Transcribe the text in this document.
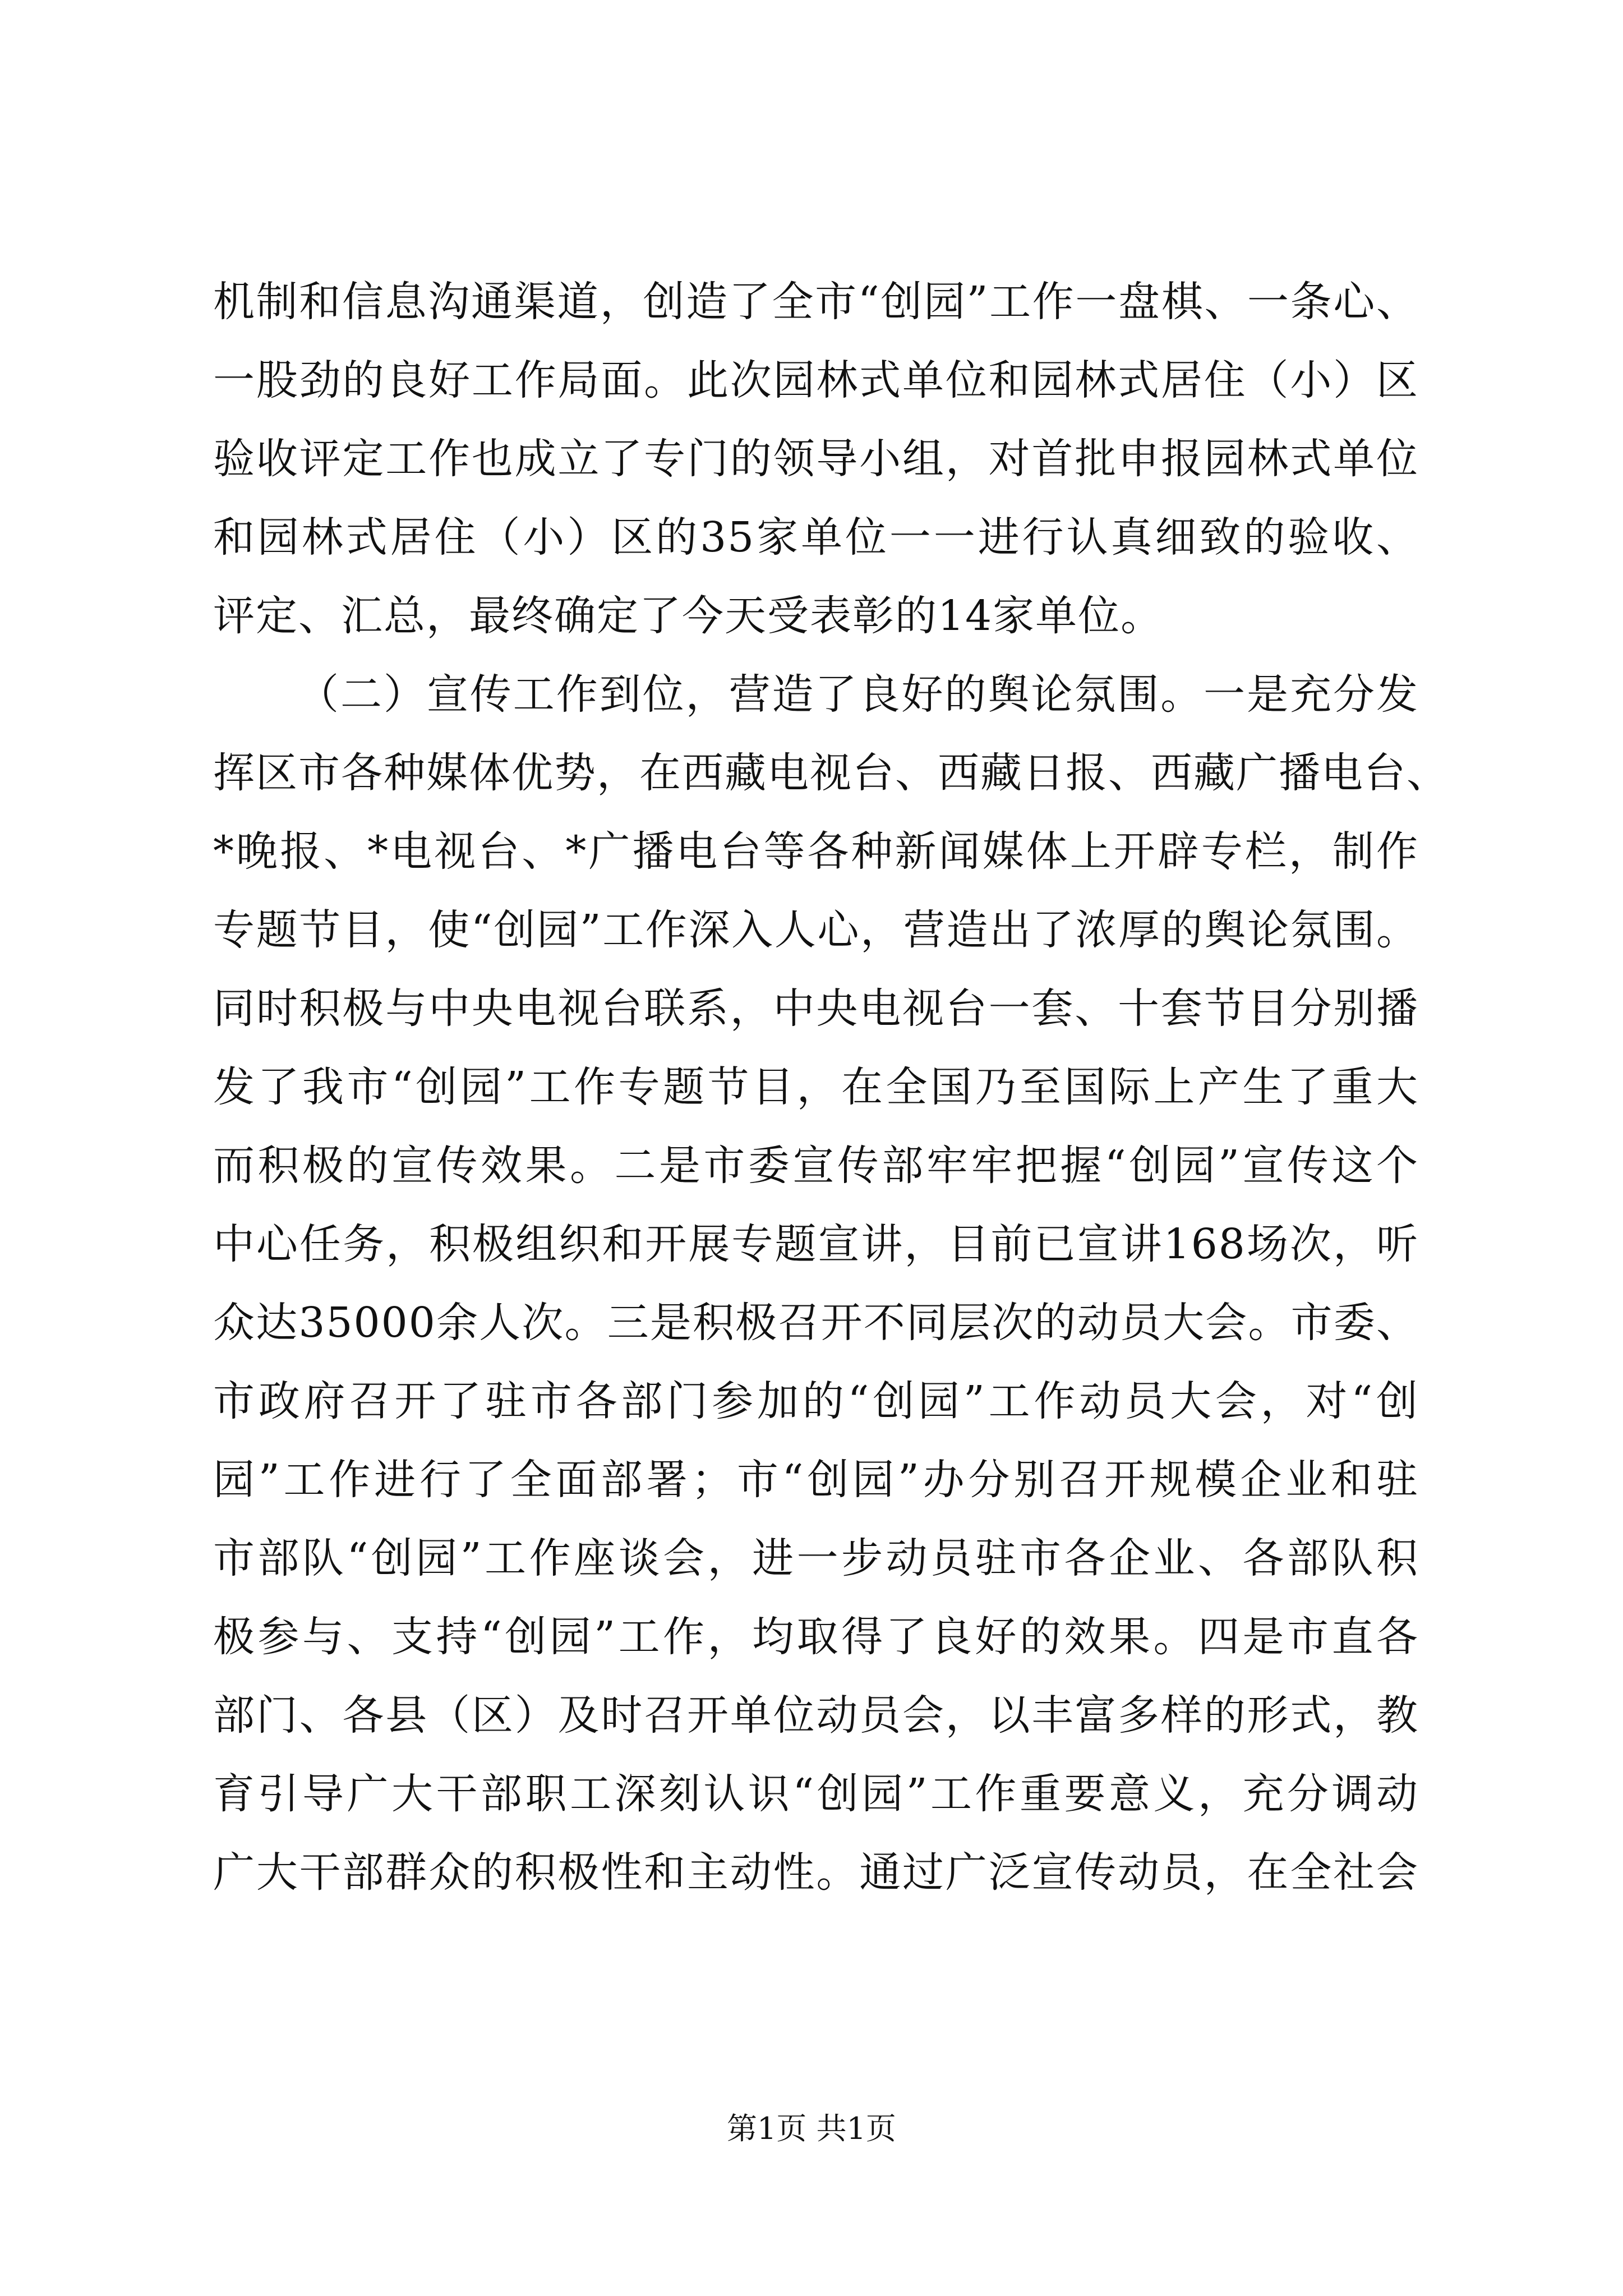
机制和信息沟通渠道，创造了全市“创园”工作一盘棋、一条心、
一股劲的良好工作局面。此次园林式单位和园林式居住（小）区
验收评定工作也成立了专门的领导小组，对首批申报园林式单位
和园林式居住（小）区的35家单位一一进行认真细致的验收、
评定、汇总，最终确定了今天受表彰的14家单位。
（二）宣传工作到位，营造了良好的舆论氛围。一是充分发
挥区市各种媒体优势，在西藏电视台、西藏日报、西藏广播电台、
*晚报、*电视台、*广播电台等各种新闻媒体上开辟专栏，制作
专题节目，使“创园”工作深入人心，营造出了浓厚的舆论氛围。
同时积极与中央电视台联系，中央电视台一套、十套节目分别播
发了我市“创园”工作专题节目，在全国乃至国际上产生了重大
而积极的宣传效果。二是市委宣传部牢牢把握“创园”宣传这个
中心任务，积极组织和开展专题宣讲，目前已宣讲168场次，听
众达35000余人次。三是积极召开不同层次的动员大会。市委、
市政府召开了驻市各部门参加的“创园”工作动员大会，对“创
园”工作进行了全面部署；市“创园”办分别召开规模企业和驻
市部队“创园”工作座谈会，进一步动员驻市各企业、各部队积
极参与、支持“创园”工作，均取得了良好的效果。四是市直各
部门、各县（区）及时召开单位动员会，以丰富多样的形式，教
育引导广大干部职工深刻认识“创园”工作重要意义，充分调动
广大干部群众的积极性和主动性。通过广泛宣传动员，在全社会
第1页 共1页
